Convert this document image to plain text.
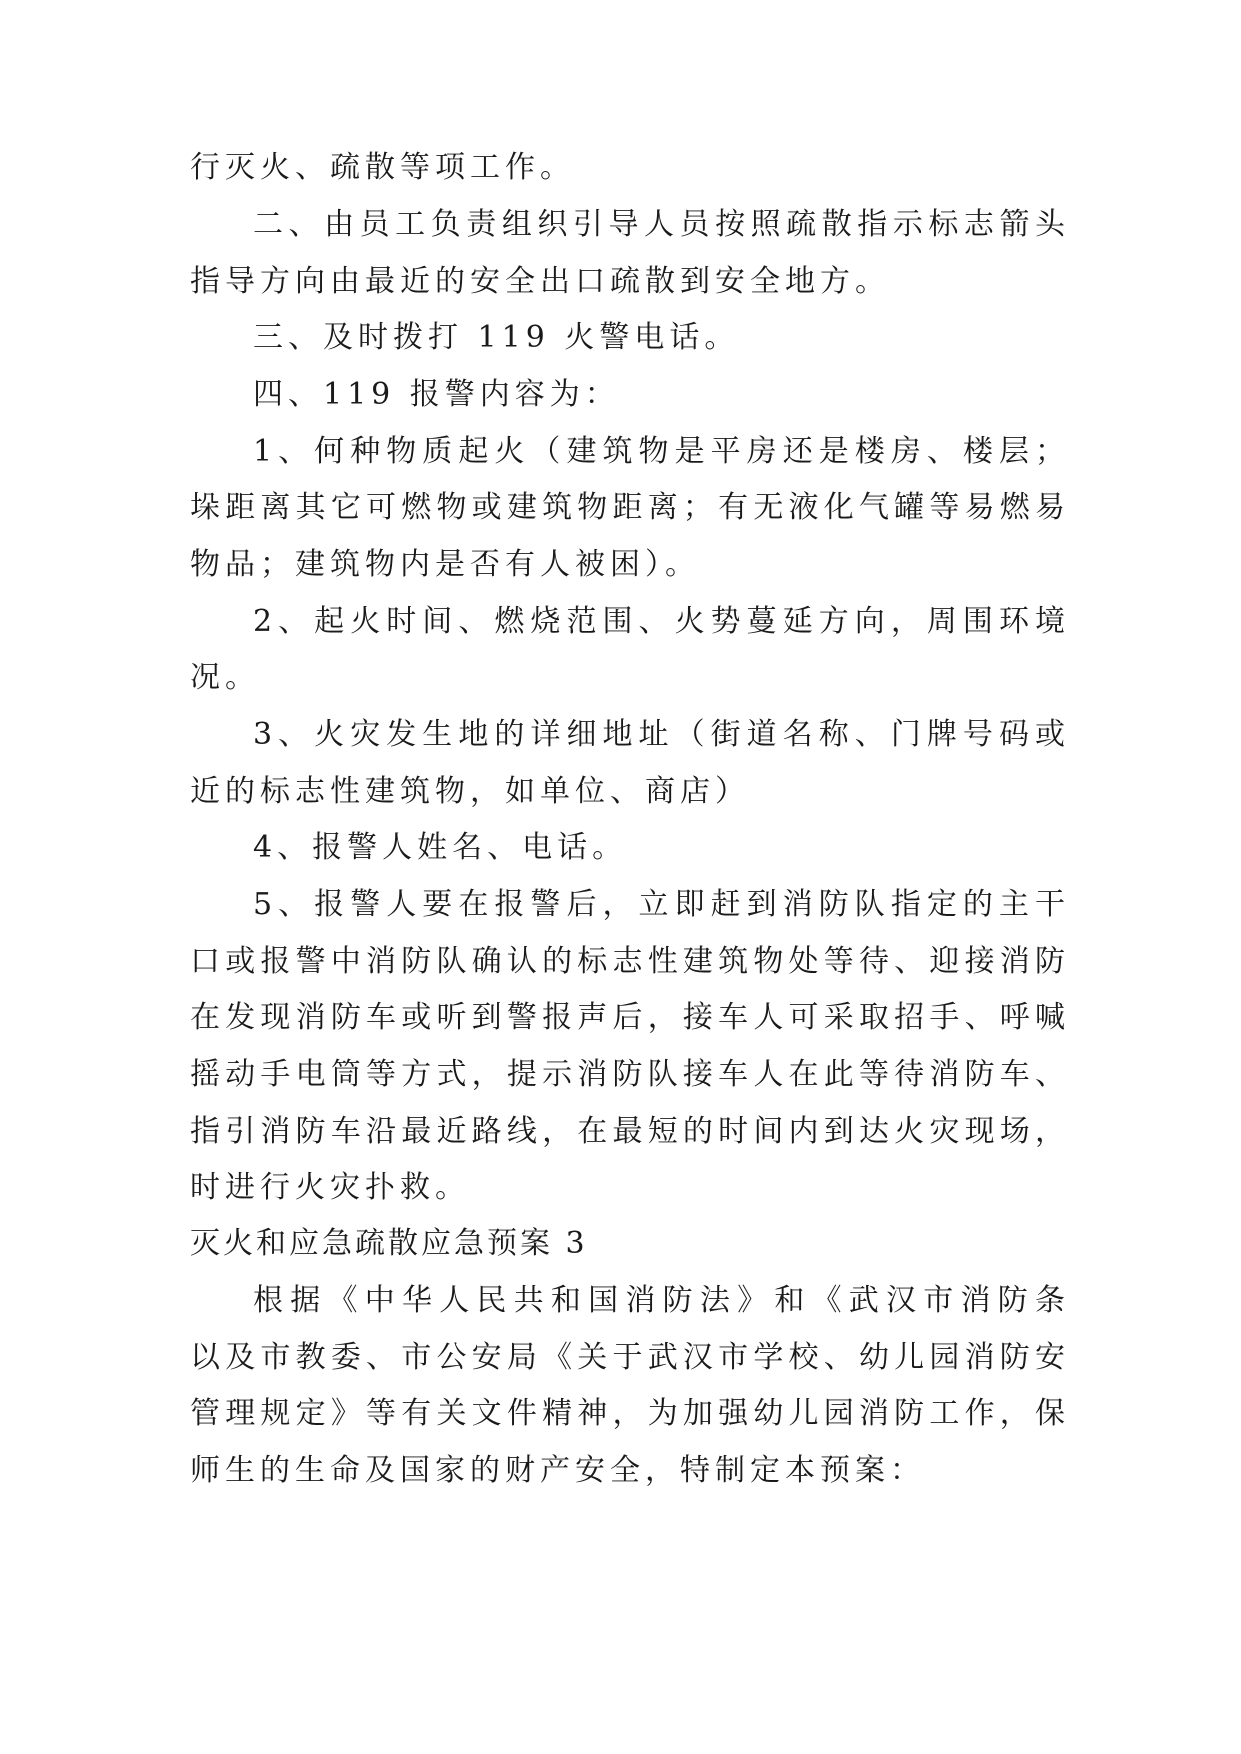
行灭火、疏散等项工作。
二、由员工负责组织引导人员按照疏散指示标志箭头
指导方向由最近的安全出口疏散到安全地方。
三、及时拨打 119 火警电话。
四、119 报警内容为：
1、何种物质起火（建筑物是平房还是楼房、楼层；
垛距离其它可燃物或建筑物距离；有无液化气罐等易燃易
物品；建筑物内是否有人被困）。
2、起火时间、燃烧范围、火势蔓延方向，周围环境
况。
3、火灾发生地的详细地址（街道名称、门牌号码或
近的标志性建筑物，如单位、商店）
4、报警人姓名、电话。
5、报警人要在报警后，立即赶到消防队指定的主干
口或报警中消防队确认的标志性建筑物处等待、迎接消防
在发现消防车或听到警报声后，接车人可采取招手、呼喊
摇动手电筒等方式，提示消防队接车人在此等待消防车、
指引消防车沿最近路线，在最短的时间内到达火灾现场，
时进行火灾扑救。
灭火和应急疏散应急预案 3
根据《中华人民共和国消防法》和《武汉市消防条
以及市教委、市公安局《关于武汉市学校、幼儿园消防安
管理规定》等有关文件精神，为加强幼儿园消防工作，保
师生的生命及国家的财产安全，特制定本预案：
